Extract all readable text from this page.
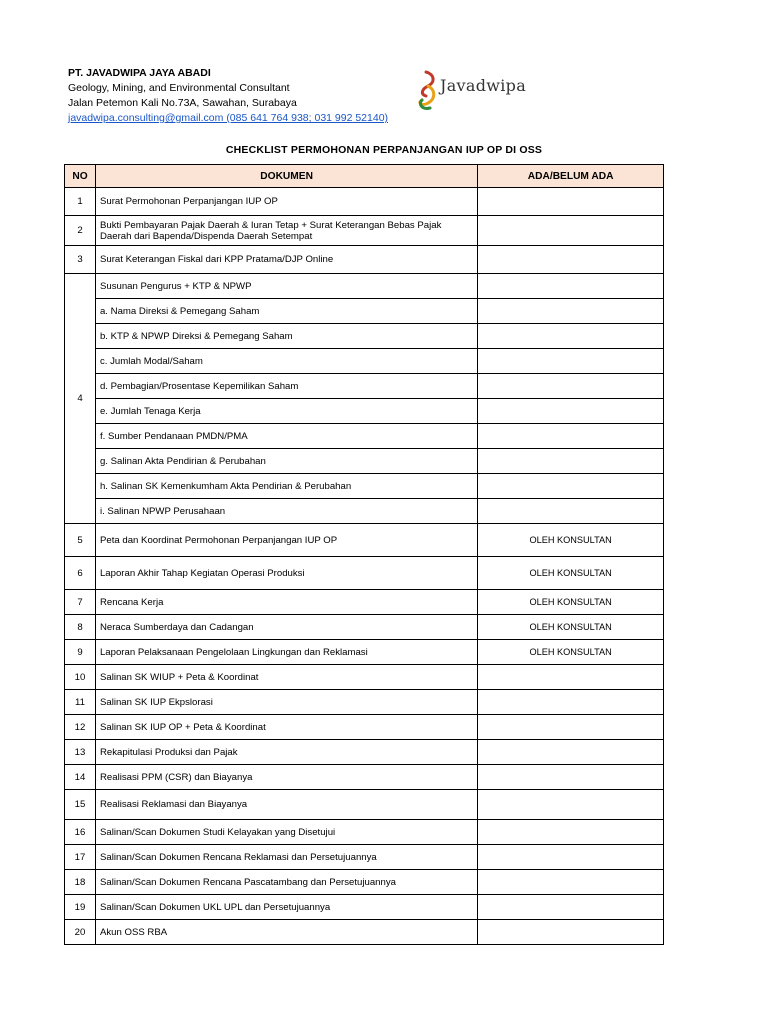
PT. JAVADWIPA JAYA ABADI
Geology, Mining, and Environmental Consultant
Jalan Petemon Kali No.73A, Sawahan, Surabaya
javadwipa.consulting@gmail.com (085 641 764 938; 031 992 52140)
Javadwipa
CHECKLIST PERMOHONAN PERPANJANGAN IUP OP DI OSS
NO	DOKUMEN	ADA/BELUM ADA
1	Surat Permohonan Perpanjangan IUP OP	
2	Bukti Pembayaran Pajak Daerah & Iuran Tetap + Surat Keterangan Bebas Pajak Daerah dari Bapenda/Dispenda Daerah Setempat	
3	Surat Keterangan Fiskal dari KPP Pratama/DJP Online	
4	Susunan Pengurus + KTP & NPWP	
	a. Nama Direksi & Pemegang Saham	
	b. KTP & NPWP Direksi & Pemegang Saham	
	c. Jumlah Modal/Saham	
	d. Pembagian/Prosentase Kepemilikan Saham	
	e. Jumlah Tenaga Kerja	
	f. Sumber Pendanaan PMDN/PMA	
	g. Salinan Akta Pendirian & Perubahan	
	h. Salinan SK Kemenkumham Akta Pendirian & Perubahan	
	i. Salinan NPWP Perusahaan	
5	Peta dan Koordinat Permohonan Perpanjangan IUP OP	OLEH KONSULTAN
6	Laporan Akhir Tahap Kegiatan Operasi Produksi	OLEH KONSULTAN
7	Rencana Kerja	OLEH KONSULTAN
8	Neraca Sumberdaya dan Cadangan	OLEH KONSULTAN
9	Laporan Pelaksanaan Pengelolaan Lingkungan dan Reklamasi	OLEH KONSULTAN
10	Salinan SK WIUP + Peta & Koordinat	
11	Salinan SK IUP Ekpslorasi	
12	Salinan SK IUP OP + Peta & Koordinat	
13	Rekapitulasi Produksi dan Pajak	
14	Realisasi PPM (CSR) dan Biayanya	
15	Realisasi Reklamasi dan Biayanya	
16	Salinan/Scan Dokumen Studi Kelayakan yang Disetujui	
17	Salinan/Scan Dokumen Rencana Reklamasi dan Persetujuannya	
18	Salinan/Scan Dokumen Rencana Pascatambang dan Persetujuannya	
19	Salinan/Scan Dokumen UKL UPL dan Persetujuannya	
20	Akun OSS RBA	
